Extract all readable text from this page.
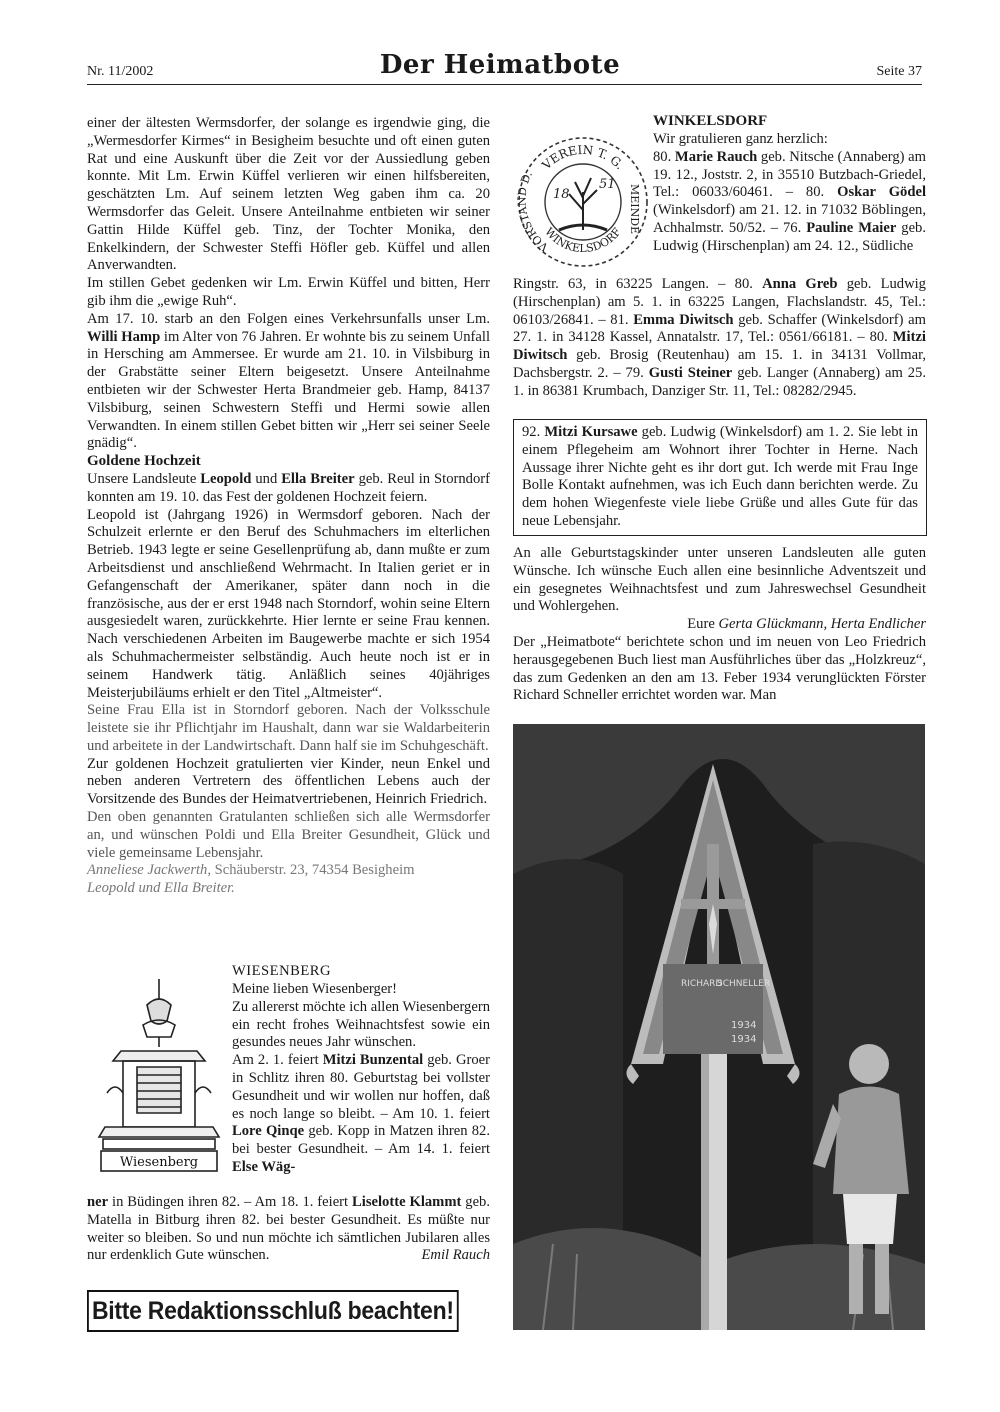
Nr. 11/2002	Der Heimatbote	Seite 37

einer der ältesten Wermsdorfer, der solange es irgendwie ging, die „Wermesdorfer Kirmes“ in Besigheim besuchte und oft einen guten Rat und eine Auskunft über die Zeit vor der Aussiedlung geben konnte. Mit Lm. Erwin Küffel verlieren wir einen hilfsbereiten, geschätzten Lm. Auf seinem letzten Weg gaben ihm ca. 20 Wermsdorfer das Geleit. Unsere Anteilnahme entbieten wir seiner Gattin Hilde Küffel geb. Tinz, der Tochter Monika, den Enkelkindern, der Schwester Steffi Höfler geb. Küffel und allen Anverwandten.

Im stillen Gebet gedenken wir Lm. Erwin Küffel und bitten, Herr gib ihm die „ewige Ruh“.

Am 17. 10. starb an den Folgen eines Verkehrsunfalls unser Lm. Willi Hamp im Alter von 76 Jahren. Er wohnte bis zu seinem Unfall in Hersching am Ammersee. Er wurde am 21. 10. in Vilsbiburg in der Grabstätte seiner Eltern beigesetzt. Unsere Anteilnahme entbieten wir der Schwester Herta Brandmeier geb. Hamp, 84137 Vilsbiburg, seinen Schwestern Steffi und Hermi sowie allen Verwandten. In einem stillen Gebet bitten wir „Herr sei seiner Seele gnädig“.

Goldene Hochzeit

Unsere Landsleute Leopold und Ella Breiter geb. Reul in Storndorf konnten am 19. 10. das Fest der goldenen Hochzeit feiern.

Leopold ist (Jahrgang 1926) in Wermsdorf geboren. Nach der Schulzeit erlernte er den Beruf des Schuhmachers im elterlichen Betrieb. 1943 legte er seine Gesellenprüfung ab, dann mußte er zum Arbeitsdienst und anschließend Wehrmacht. In Italien geriet er in Gefangenschaft der Amerikaner, später dann noch in die französische, aus der er erst 1948 nach Storndorf, wohin seine Eltern ausgesiedelt waren, zurückkehrte. Hier lernte er seine Frau kennen. Nach verschiedenen Arbeiten im Baugewerbe machte er sich 1954 als Schuhmachermeister selbständig. Auch heute noch ist er in seinem Handwerk tätig. Anläßlich seines 40jähriges Meisterjubiläums erhielt er den Titel „Altmeister“.

Seine Frau Ella ist in Storndorf geboren. Nach der Volksschule leistete sie ihr Pflichtjahr im Haushalt, dann war sie Waldarbeiterin und arbeitete in der Landwirtschaft. Dann half sie im Schuhgeschäft.

Zur goldenen Hochzeit gratulierten vier Kinder, neun Enkel und neben anderen Vertretern des öffentlichen Lebens auch der Vorsitzende des Bundes der Heimatvertriebenen, Heinrich Friedrich.

Den oben genannten Gratulanten schließen sich alle Wermsdorfer an, und wünschen Poldi und Ella Breiter Gesundheit, Glück und viele gemeinsame Lebensjahr.

Anneliese Jackwerth, Schäuberstr. 23, 74354 Besigheim

Leopold und Ella Breiter.

WIESENBERG
Wiesenberg

Meine lieben Wiesenberger!

Zu allererst möchte ich allen Wiesenbergern ein recht frohes Weihnachtsfest sowie ein gesundes neues Jahr wünschen.

Am 2. 1. feiert Mitzi Bunzental geb. Groer in Schlitz ihren 80. Geburtstag bei vollster Gesundheit und wir wollen nur hoffen, daß es noch lange so bleibt. – Am 10. 1. feiert Lore Qinqe geb. Kopp in Matzen ihren 82. bei bester Gesundheit. – Am 14. 1. feiert Else Wäg-

ner in Büdingen ihren 82. – Am 18. 1. feiert Liselotte Klammt geb. Matella in Bitburg ihren 82. bei bester Gesundheit. Es müßte nur weiter so bleiben. So und nun möchte ich sämtlichen Jubilaren alles nur erdenklich Gute wünschen.	Emil Rauch

Bitte Redaktionsschluß beachten!
WINKELSDORF
18
51
VEREIN T. G.
WINKELSDORF
VORSTAND D.
MEINDE

Wir gratulieren ganz herzlich:

80. Marie Rauch geb. Nitsche (Annaberg) am 19. 12., Joststr. 2, in 35510 Butzbach-Griedel, Tel.: 06033/60461. – 80. Oskar Gödel (Winkelsdorf) am 21. 12. in 71032 Böblingen, Achhalmstr. 50/52. – 76. Pauline Maier geb. Ludwig (Hirschenplan) am 24. 12., Südliche

Ringstr. 63, in 63225 Langen. – 80. Anna Greb geb. Ludwig (Hirschenplan) am 5. 1. in 63225 Langen, Flachslandstr. 45, Tel.: 06103/26841. – 81. Emma Diwitsch geb. Schaffer (Winkelsdorf) am 27. 1. in 34128 Kassel, Annatalstr. 17, Tel.: 0561/66181. – 80. Mitzi Diwitsch geb. Brosig (Reutenhau) am 15. 1. in 34131 Vollmar, Dachsbergstr. 2. – 79. Gusti Steiner geb. Langer (Annaberg) am 25. 1. in 86381 Krumbach, Danziger Str. 11, Tel.: 08282/2945.

92. Mitzi Kursawe geb. Ludwig (Winkelsdorf) am 1. 2. Sie lebt in einem Pflegeheim am Wohnort ihrer Tochter in Herne. Nach Aussage ihrer Nichte geht es ihr dort gut. Ich werde mit Frau Inge Bolle Kontakt aufnehmen, was ich Euch dann berichten werde. Zu dem hohen Wiegenfeste viele liebe Grüße und alles Gute für das neue Lebensjahr.

An alle Geburtstagskinder unter unseren Landsleuten alle guten Wünsche. Ich wünsche Euch allen eine besinnliche Adventszeit und ein gesegnetes Weihnachtsfest und zum Jahreswechsel Gesundheit und Wohlergehen.

Eure Gerta Glückmann, Herta Endlicher

Der „Heimatbote“ berichtete schon und im neuen von Leo Friedrich herausgegebenen Buch liest man Ausführliches über das „Holzkreuz“, das zum Gedenken an den am 13. Feber 1934 verunglückten Förster Richard Schneller errichtet worden war. Man

RICHARD
SCHNELLER
1934
1934
